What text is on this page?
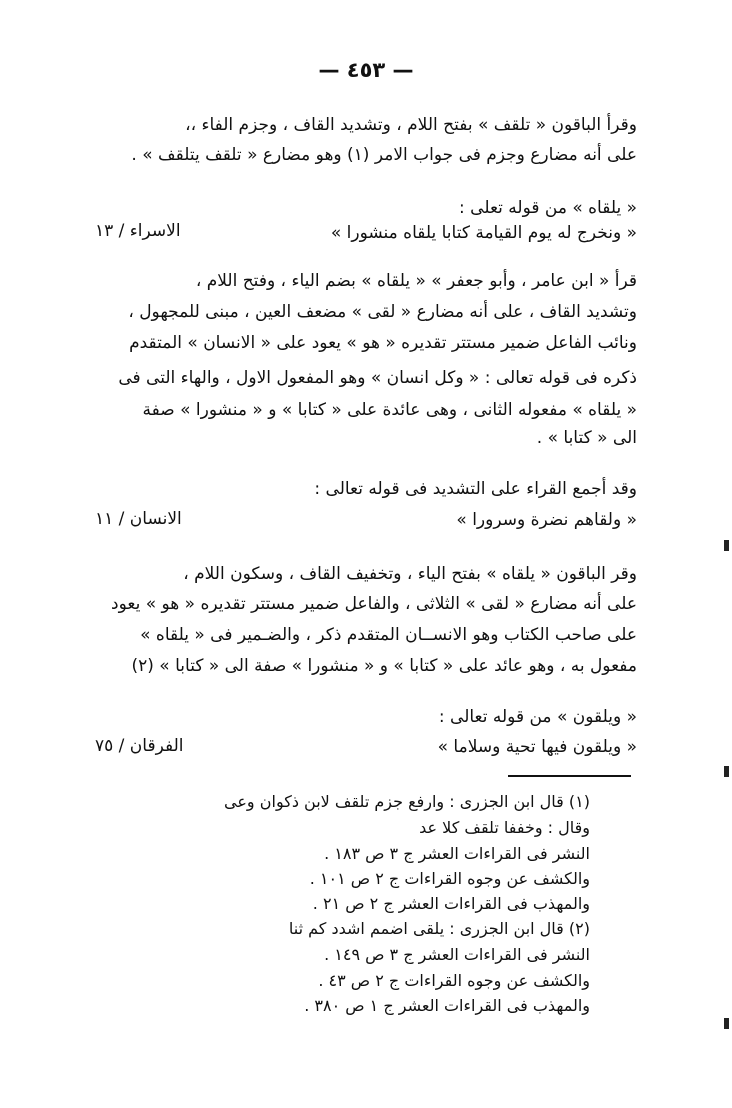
— ٤٥٣ —
وقرأ الباقون « تلقف » بفتح اللام ، وتشديد القاف ، وجزم الفاء ،،
على أنه مضارع وجزم فى جواب الامر (١) وهو مضارع « تلقف يتلقف » .
« يلقاه » من قوله تعلى :
« ونخرج له يوم القيامة كتابا يلقاه منشورا »
الاسراء / ١٣
قرأ « ابن عامر ، وأبو جعفر » « يلقاه » بضم الياء ، وفتح اللام ،
وتشديد القاف ، على أنه مضارع « لقى » مضعف العين ، مبنى للمجهول ،
ونائب الفاعل ضمير مستتر تقديره « هو » يعود على « الانسان » المتقدم
ذكره فى قوله تعالى : « وكل انسان » وهو المفعول الاول ، والهاء التى فى
« يلقاه » مفعوله الثانى ، وهى عائدة على « كتابا » و « منشورا » صفة
الى « كتابا » .
وقد أجمع القراء على التشديد فى قوله تعالى :
« ولقاهم نضرة وسرورا »
الانسان / ١١
وقر الباقون « يلقاه » بفتح الياء ، وتخفيف القاف ، وسكون اللام ،
على أنه مضارع « لقى » الثلاثى ، والفاعل ضمير مستتر تقديره « هو » يعود
على صاحب الكتاب وهو الانســان المتقدم ذكر ، والضـمير فى « يلقاه »
مفعول به ، وهو عائد على « كتابا » و « منشورا » صفة الى « كتابا » (٢)
« ويلقون » من قوله تعالى :
« ويلقون فيها تحية وسلاما »
الفرقان / ٧٥
(١) قال ابن الجزرى : وارفع جزم تلقف لابن ذكوان وعى
وقال : وخففا تلقف كلا عد
النشر فى القراءات العشر ج ٣ ص ١٨٣ .
والكشف عن وجوه القراءات ج ٢ ص ١٠١ .
والمهذب فى القراءات العشر ج ٢ ص ٢١ .
(٢) قال ابن الجزرى : يلقى اضمم اشدد كم ثنا
النشر فى القراءات العشر ج ٣ ص ١٤٩ .
والكشف عن وجوه القراءات ج ٢ ص ٤٣ .
والمهذب فى القراءات العشر ج ١ ص ٣٨٠ .
